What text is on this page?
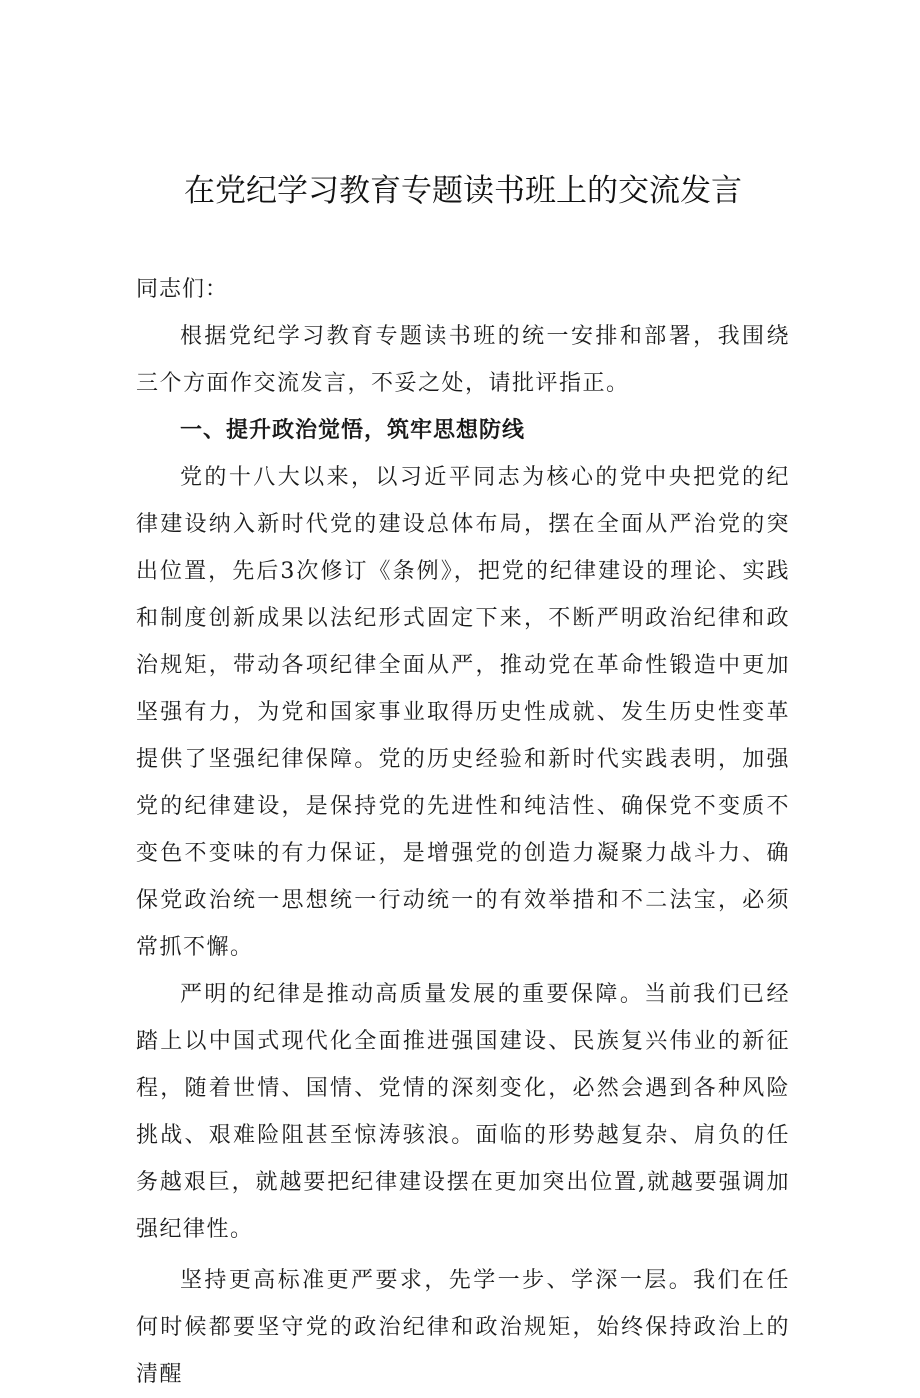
在党纪学习教育专题读书班上的交流发言

同志们：

根据党纪学习教育专题读书班的统一安排和部署，我围绕三个方面作交流发言，不妥之处，请批评指正。

一、提升政治觉悟，筑牢思想防线

党的十八大以来，以习近平同志为核心的党中央把党的纪律建设纳入新时代党的建设总体布局，摆在全面从严治党的突出位置，先后3次修订《条例》，把党的纪律建设的理论、实践和制度创新成果以法纪形式固定下来，不断严明政治纪律和政治规矩，带动各项纪律全面从严，推动党在革命性锻造中更加坚强有力，为党和国家事业取得历史性成就、发生历史性变革提供了坚强纪律保障。党的历史经验和新时代实践表明，加强党的纪律建设，是保持党的先进性和纯洁性、确保党不变质不变色不变味的有力保证，是增强党的创造力凝聚力战斗力、确保党政治统一思想统一行动统一的有效举措和不二法宝，必须常抓不懈。

严明的纪律是推动高质量发展的重要保障。当前我们已经踏上以中国式现代化全面推进强国建设、民族复兴伟业的新征程，随着世情、国情、党情的深刻变化，必然会遇到各种风险挑战、艰难险阻甚至惊涛骇浪。面临的形势越复杂、肩负的任务越艰巨，就越要把纪律建设摆在更加突出位置,就越要强调加强纪律性。

坚持更高标准更严要求，先学一步、学深一层。我们在任何时候都要坚守党的政治纪律和政治规矩，始终保持政治上的清醒
